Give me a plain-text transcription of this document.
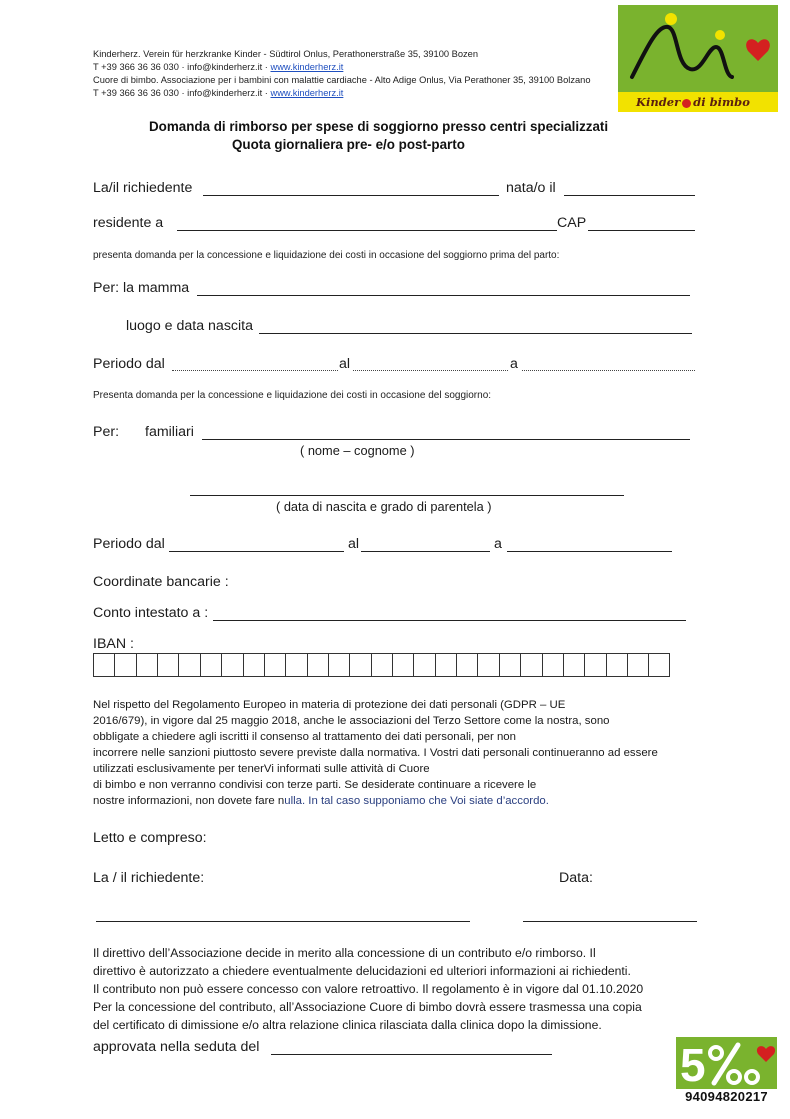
Kinderherz. Verein für herzkranke Kinder - Südtirol Onlus, Perathonerstraße 35, 39100 Bozen
T +39 366 36 36 030 · info@kinderherz.it · www.kinderherz.it
Cuore di bimbo. Associazione per i bambini con malattie cardiache - Alto Adige Onlus, Via Perathoner 35, 39100 Bolzano
T +39 366 36 36 030 · info@kinderherz.it · www.kinderherz.it
Kinder di bimbo
Domanda di rimborso per spese di soggiorno presso centri specializzati
Quota giornaliera pre- e/o post-parto
La/il richiedente	nata/o il
residente a	CAP
presenta domanda per la concessione e liquidazione dei costi in occasione del soggiorno prima del parto:
Per: la mamma
luogo e data nascita
Periodo dal	al	a
Presenta domanda per la concessione e liquidazione dei costi in occasione del soggiorno:
Per: familiari
( nome – cognome )
( data di nascita e grado di parentela )
Periodo dal	al	a
Coordinate bancarie :
Conto intestato a :
IBAN :
Nel rispetto del Regolamento Europeo in materia di protezione dei dati personali (GDPR – UE
2016/679), in vigore dal 25 maggio 2018, anche le associazioni del Terzo Settore come la nostra, sono
obbligate a chiedere agli iscritti il consenso al trattamento dei dati personali, per non
incorrere nelle sanzioni piuttosto severe previste dalla normativa. I Vostri dati personali continueranno ad essere
utilizzati esclusivamente per tenerVi informati sulle attività di Cuore
di bimbo e non verranno condivisi con terze parti. Se desiderate continuare a ricevere le
nostre informazioni, non dovete fare nulla. In tal caso supponiamo che Voi siate d’accordo.
Letto e compreso:
La / il richiedente:	Data:
Il direttivo dell’Associazione decide in merito alla concessione di un contributo e/o rimborso. Il
direttivo è autorizzato a chiedere eventualmente delucidazioni ed ulteriori informazioni ai richiedenti.
Il contributo non può essere concesso con valore retroattivo. Il regolamento è in vigore dal 01.10.2020
Per la concessione del contributo, all’Associazione Cuore di bimbo dovrà essere trasmessa una copia
del certificato di dimissione e/o altra relazione clinica rilasciata dalla clinica dopo la dimissione.
approvata nella seduta del	5
94094820217
